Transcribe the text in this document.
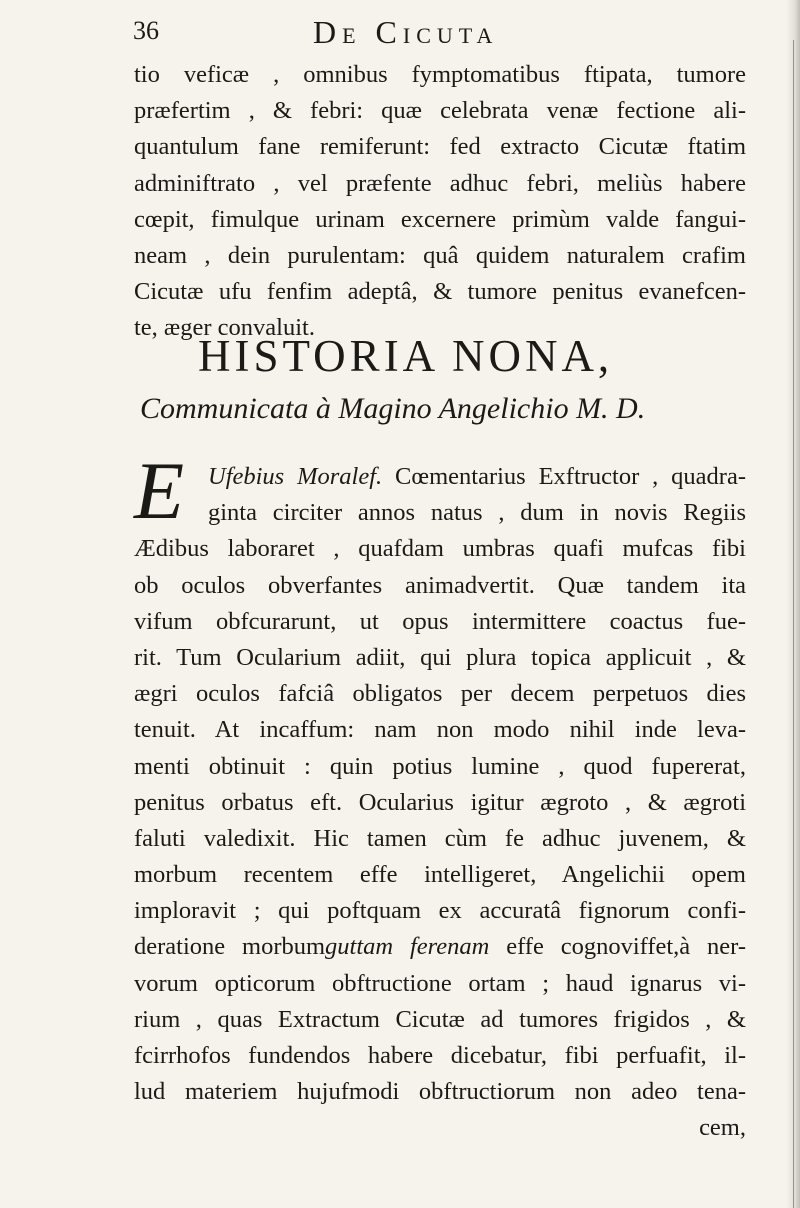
36	De Cicuta
tio veficæ , omnibus fymptomatibus ftipata, tumore
præfertim , & febri: quæ celebrata venæ fectione ali-
quantulum fane remiferunt: fed extracto Cicutæ ftatim
adminiftrato , vel præfente adhuc febri, meliùs habere
cœpit, fimulque urinam excernere primùm valde fangui-
neam , dein purulentam: quâ quidem naturalem crafim
Cicutæ ufu fenfim adeptâ, & tumore penitus evanefcen-
te, æger convaluit.
HISTORIA NONA,
Communicata à Magino Angelichio M. D.
E Ufebius Moralef. Cœmentarius Exftructor , quadra-
ginta circiter annos natus , dum in novis Regiis
Ædibus laboraret , quafdam umbras quafi mufcas fibi
ob oculos obverfantes animadvertit. Quæ tandem ita
vifum obfcurarunt, ut opus intermittere coactus fue-
rit. Tum Ocularium adiit, qui plura topica applicuit , &
ægri oculos fafciâ obligatos per decem perpetuos dies
tenuit. At incaffum: nam non modo nihil inde leva-
menti obtinuit : quin potius lumine , quod fupererat,
penitus orbatus eft. Ocularius igitur ægroto , & ægroti
faluti valedixit. Hic tamen cùm fe adhuc juvenem, &
morbum recentem effe intelligeret, Angelichii opem
imploravit ; qui poftquam ex accuratâ fignorum confi-
deratione morbumguttam ferenam effe cognoviffet,à ner-
vorum opticorum obftructione ortam ; haud ignarus vi-
rium , quas Extractum Cicutæ ad tumores frigidos , &
fcirrhofos fundendos habere dicebatur, fibi perfuafit, il-
lud materiem hujufmodi obftructiorum non adeo tena-
cem,
